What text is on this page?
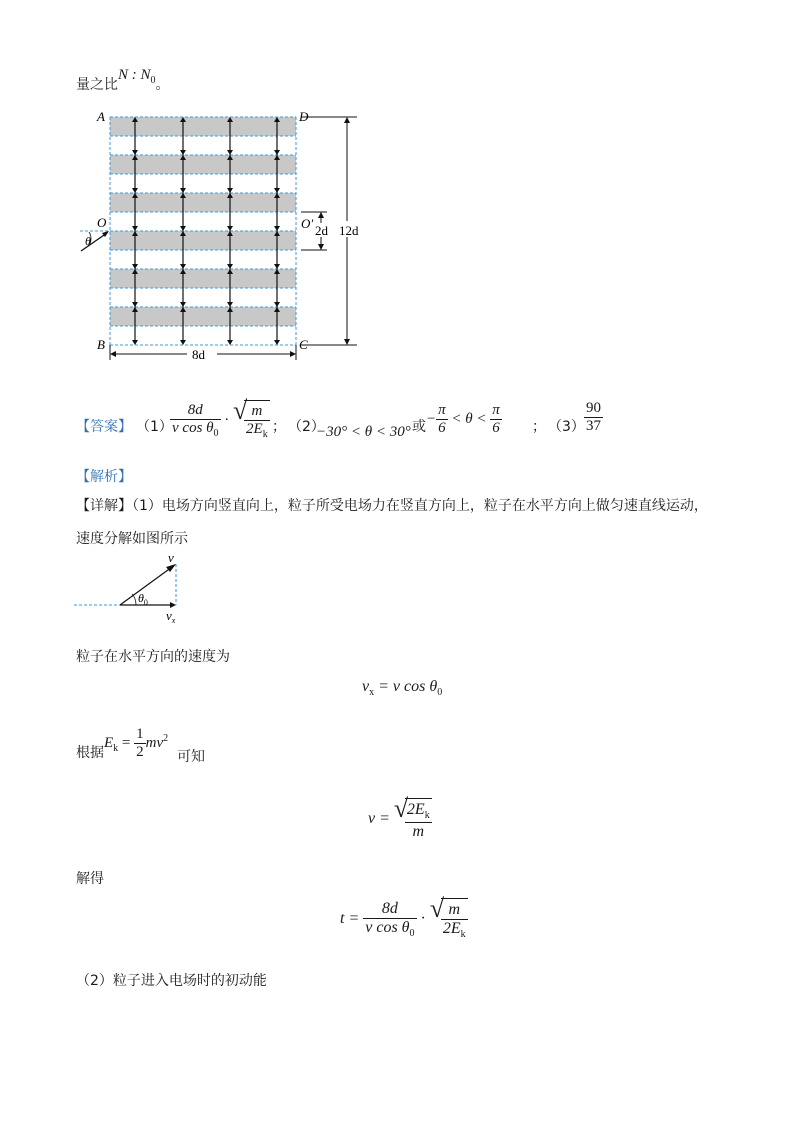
量之比N : $N_0$。
A
B	C
D
O
θ
O′ 2d 12d
8d
【答案】 （1）
$\frac{8d}{v \cos \theta_0}$ · √
$\frac{m}{2E_k}$ ； （2）
−30° < θ < 30° 或 − $\frac{\pi}{6} < \theta < \frac{\pi}{6}$ ； $(3) \frac{90}{37}$
【解析】
【详解】（1）电场方向竖直向上，粒子所受电场力在竖直方向上，粒子在水平方向上做匀速直线运动，
速度分解如图所示
v
$\theta_0$
$v_x$
粒子在水平方向的速度为
$v_x = v$ $\cos \theta_0$
根据
$E_k = \frac{1}{2} mv^2$
可知
v = √
$\frac{2E_k}{m}$
解得
$t = \frac{8d}{v \cos \theta_0}$ · √
$\frac{m}{2E_k}$
（2）粒子进入电场时的初动能
